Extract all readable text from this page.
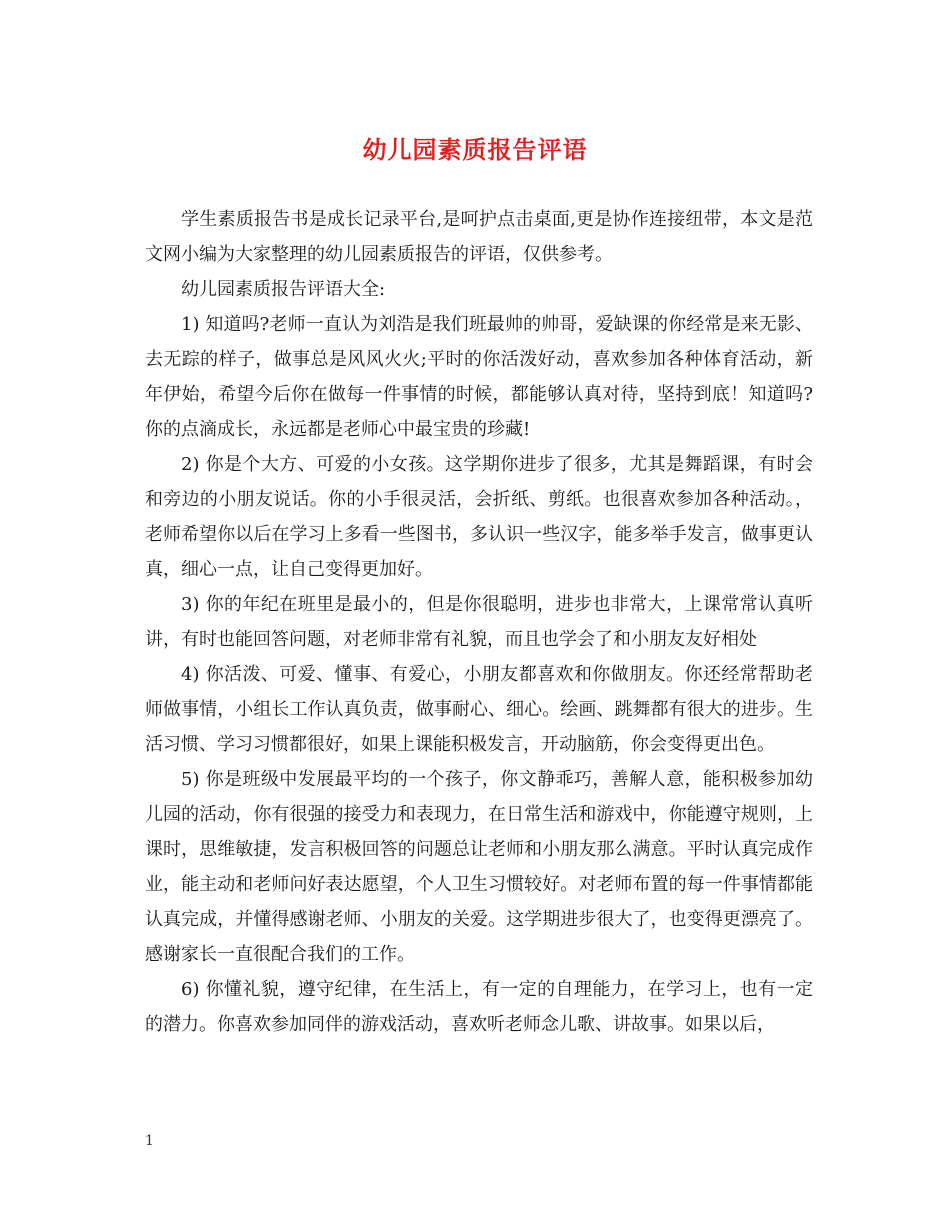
幼儿园素质报告评语

学生素质报告书是成长记录平台,是呵护点击桌面,更是协作连接纽带，本文是范文网小编为大家整理的幼儿园素质报告的评语，仅供参考。

幼儿园素质报告评语大全:

1) 知道吗?老师一直认为刘浩是我们班最帅的帅哥，爱缺课的你经常是来无影、去无踪的样子，做事总是风风火火;平时的你活泼好动，喜欢参加各种体育活动，新年伊始，希望今后你在做每一件事情的时候，都能够认真对待，坚持到底！知道吗?你的点滴成长，永远都是老师心中最宝贵的珍藏!

2) 你是个大方、可爱的小女孩。这学期你进步了很多，尤其是舞蹈课，有时会和旁边的小朋友说话。你的小手很灵活，会折纸、剪纸。也很喜欢参加各种活动。，老师希望你以后在学习上多看一些图书，多认识一些汉字，能多举手发言，做事更认真，细心一点，让自己变得更加好。

3) 你的年纪在班里是最小的，但是你很聪明，进步也非常大，上课常常认真听讲，有时也能回答问题，对老师非常有礼貌，而且也学会了和小朋友友好相处

4) 你活泼、可爱、懂事、有爱心，小朋友都喜欢和你做朋友。你还经常帮助老师做事情，小组长工作认真负责，做事耐心、细心。绘画、跳舞都有很大的进步。生活习惯、学习习惯都很好，如果上课能积极发言，开动脑筋，你会变得更出色。

5) 你是班级中发展最平均的一个孩子，你文静乖巧，善解人意，能积极参加幼儿园的活动，你有很强的接受力和表现力，在日常生活和游戏中，你能遵守规则，上课时，思维敏捷，发言积极回答的问题总让老师和小朋友那么满意。平时认真完成作业，能主动和老师问好表达愿望，个人卫生习惯较好。对老师布置的每一件事情都能认真完成，并懂得感谢老师、小朋友的关爱。这学期进步很大了，也变得更漂亮了。感谢家长一直很配合我们的工作。

6) 你懂礼貌，遵守纪律，在生活上，有一定的自理能力，在学习上，也有一定的潜力。你喜欢参加同伴的游戏活动，喜欢听老师念儿歌、讲故事。如果以后，

1
